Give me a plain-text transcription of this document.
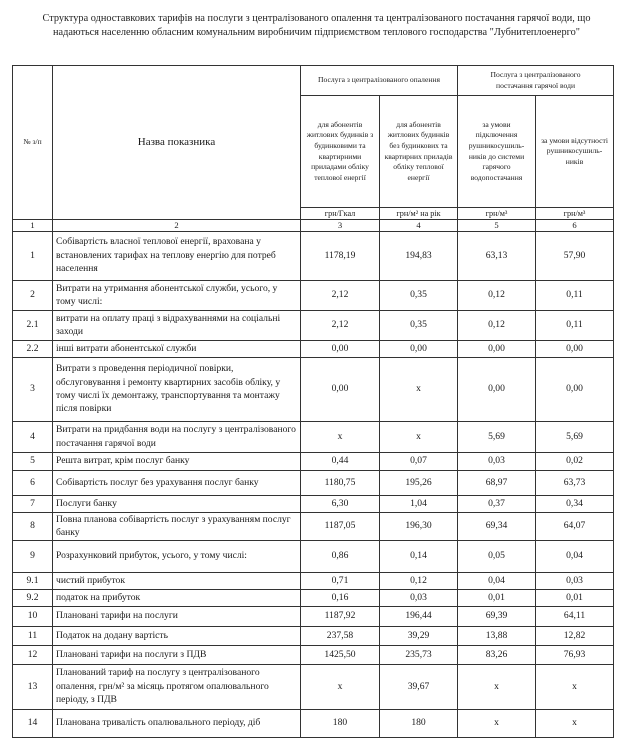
Структура одноставкових тарифів на послуги з централізованого опалення та централізованого постачання гарячої води, що
надаються населенню обласним комунальним виробничим підприємством теплового господарства "Лубнитеплоенерго"
№ з/п	Назва показника	Послуга з централізованого опалення		Послуга з централізованого постачання гарячої води	
		для абонентів житлових будинків з будинковими та квартирними приладами обліку теплової енергії	для абонентів житлових будинків без будинкових та квартирних приладів обліку теплової енергії	за умови підключення рушникосушиль-ників до системи гарячого водопостачання	за умови відсутності рушникосушиль-ників
		грн/Гкал	грн/м² на рік	грн/м³	грн/м³
1	2	3	4	5	6
1	Собівартість власної теплової енергії, врахована у встановлених тарифах на теплову енергію для потреб населення	1178,19	194,83	63,13	57,90
2	Витрати на утримання абонентської служби, усього, у тому числі:	2,12	0,35	0,12	0,11
2.1	витрати на оплату праці з відрахуваннями на соціальні заходи	2,12	0,35	0,12	0,11
2.2	інші витрати абонентської служби	0,00	0,00	0,00	0,00
3	Витрати з проведення періодичної повірки, обслуговування і ремонту квартирних засобів обліку, у тому числі їх демонтажу, транспортування та монтажу після повірки	0,00	х	0,00	0,00
4	Витрати на придбання води на послугу з централізованого постачання гарячої води	х	х	5,69	5,69
5	Решта витрат, крім послуг банку	0,44	0,07	0,03	0,02
6	Собівартість послуг без урахування послуг банку	1180,75	195,26	68,97	63,73
7	Послуги банку	6,30	1,04	0,37	0,34
8	Повна планова собівартість послуг з урахуванням послуг банку	1187,05	196,30	69,34	64,07
9	Розрахунковий прибуток, усього, у тому числі:	0,86	0,14	0,05	0,04
9.1	чистий прибуток	0,71	0,12	0,04	0,03
9.2	податок на прибуток	0,16	0,03	0,01	0,01
10	Плановані тарифи на послуги	1187,92	196,44	69,39	64,11
11	Податок на додану вартість	237,58	39,29	13,88	12,82
12	Плановані тарифи на послуги з ПДВ	1425,50	235,73	83,26	76,93
13	Планований тариф на послугу з централізованого опалення, грн/м² за місяць протягом опалювального періоду, з ПДВ	х	39,67	х	х
14	Планована тривалість опалювального періоду, діб	180	180	х	х
